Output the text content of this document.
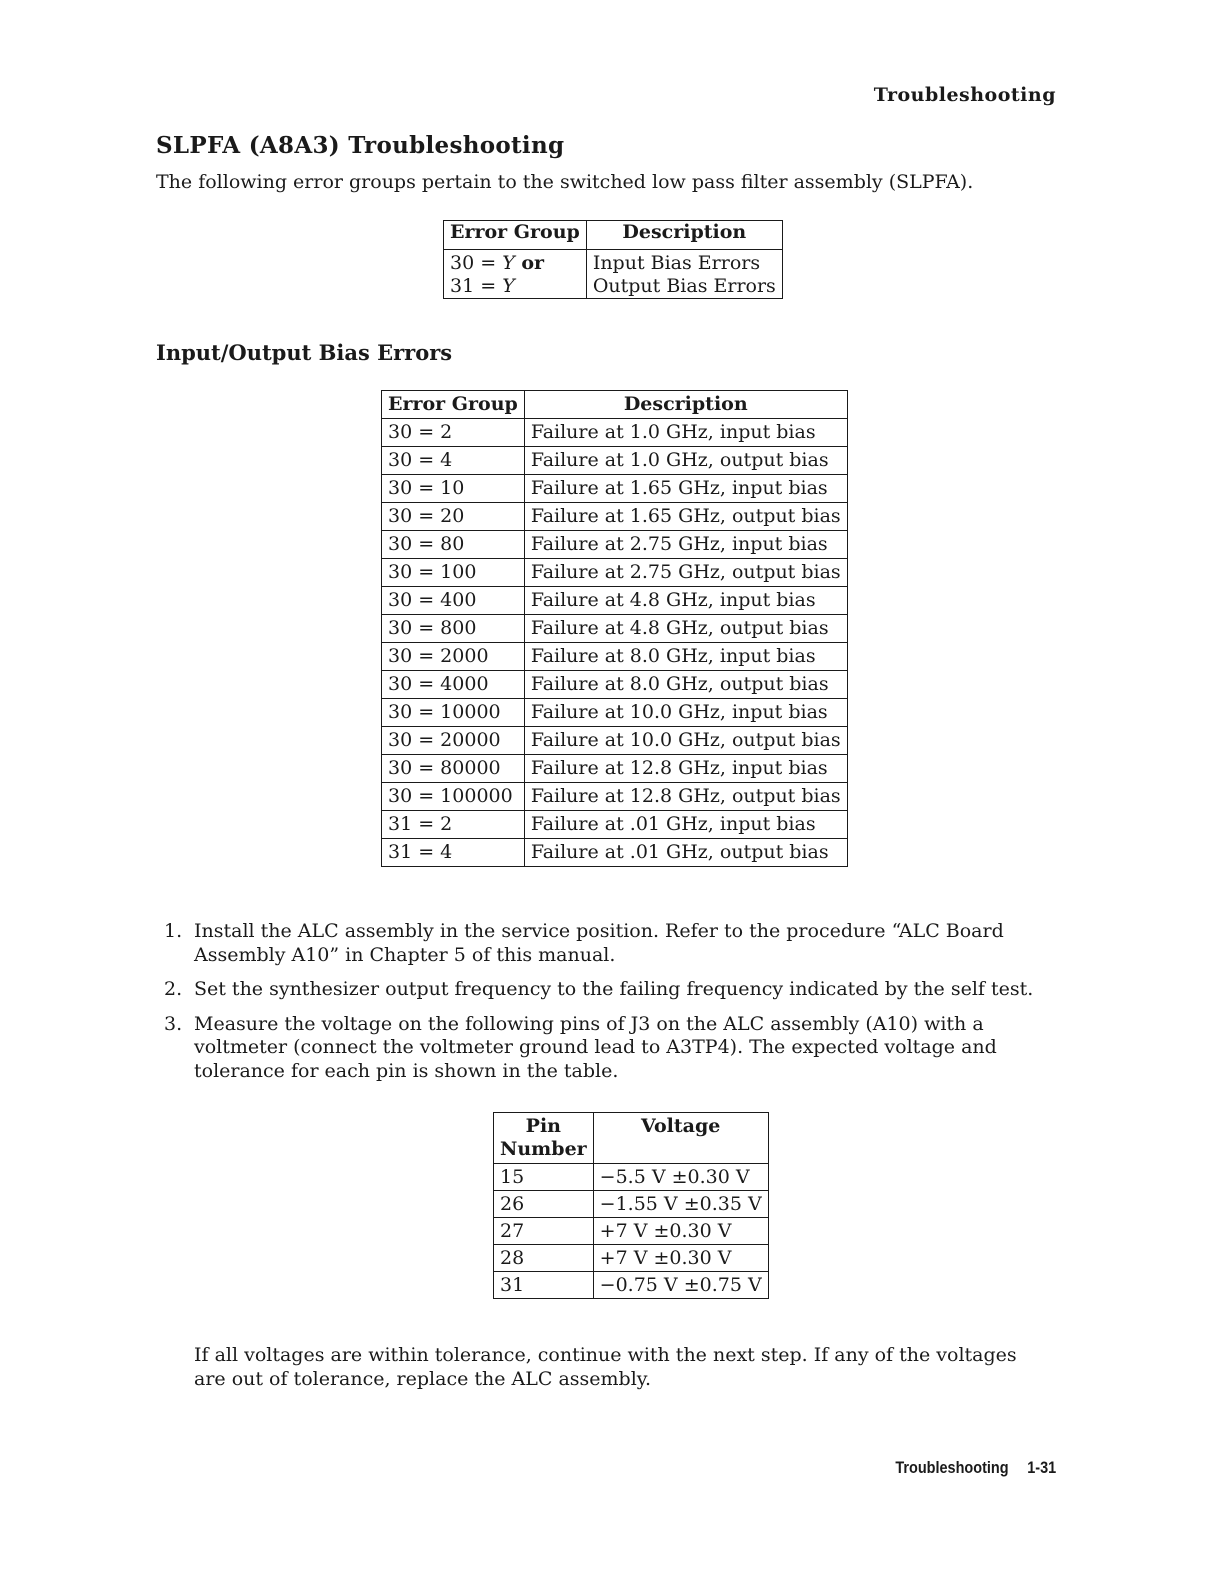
Troubleshooting
SLPFA (A8A3) Troubleshooting
The following error groups pertain to the switched low pass filter assembly (SLPFA).
Error Group	Description
30 = Y or	Input Bias Errors
31 = Y	Output Bias Errors
Input/Output Bias Errors
Error Group	Description
30 = 2	Failure at 1.0 GHz, input bias
30 = 4	Failure at 1.0 GHz, output bias
30 = 10	Failure at 1.65 GHz, input bias
30 = 20	Failure at 1.65 GHz, output bias
30 = 80	Failure at 2.75 GHz, input bias
30 = 100	Failure at 2.75 GHz, output bias
30 = 400	Failure at 4.8 GHz, input bias
30 = 800	Failure at 4.8 GHz, output bias
30 = 2000	Failure at 8.0 GHz, input bias
30 = 4000	Failure at 8.0 GHz, output bias
30 = 10000	Failure at 10.0 GHz, input bias
30 = 20000	Failure at 10.0 GHz, output bias
30 = 80000	Failure at 12.8 GHz, input bias
30 = 100000	Failure at 12.8 GHz, output bias
31 = 2	Failure at .01 GHz, input bias
31 = 4	Failure at .01 GHz, output bias
1. Install the ALC assembly in the service position. Refer to the procedure “ALC Board Assembly A10” in Chapter 5 of this manual.
2. Set the synthesizer output frequency to the failing frequency indicated by the self test.
3. Measure the voltage on the following pins of J3 on the ALC assembly (A10) with a voltmeter (connect the voltmeter ground lead to A3TP4). The expected voltage and tolerance for each pin is shown in the table.
Pin Number	Voltage
15	−5.5 V ±0.30 V
26	−1.55 V ±0.35 V
27	+7 V ±0.30 V
28	+7 V ±0.30 V
31	−0.75 V ±0.75 V
If all voltages are within tolerance, continue with the next step. If any of the voltages are out of tolerance, replace the ALC assembly.
Troubleshooting 1-31
